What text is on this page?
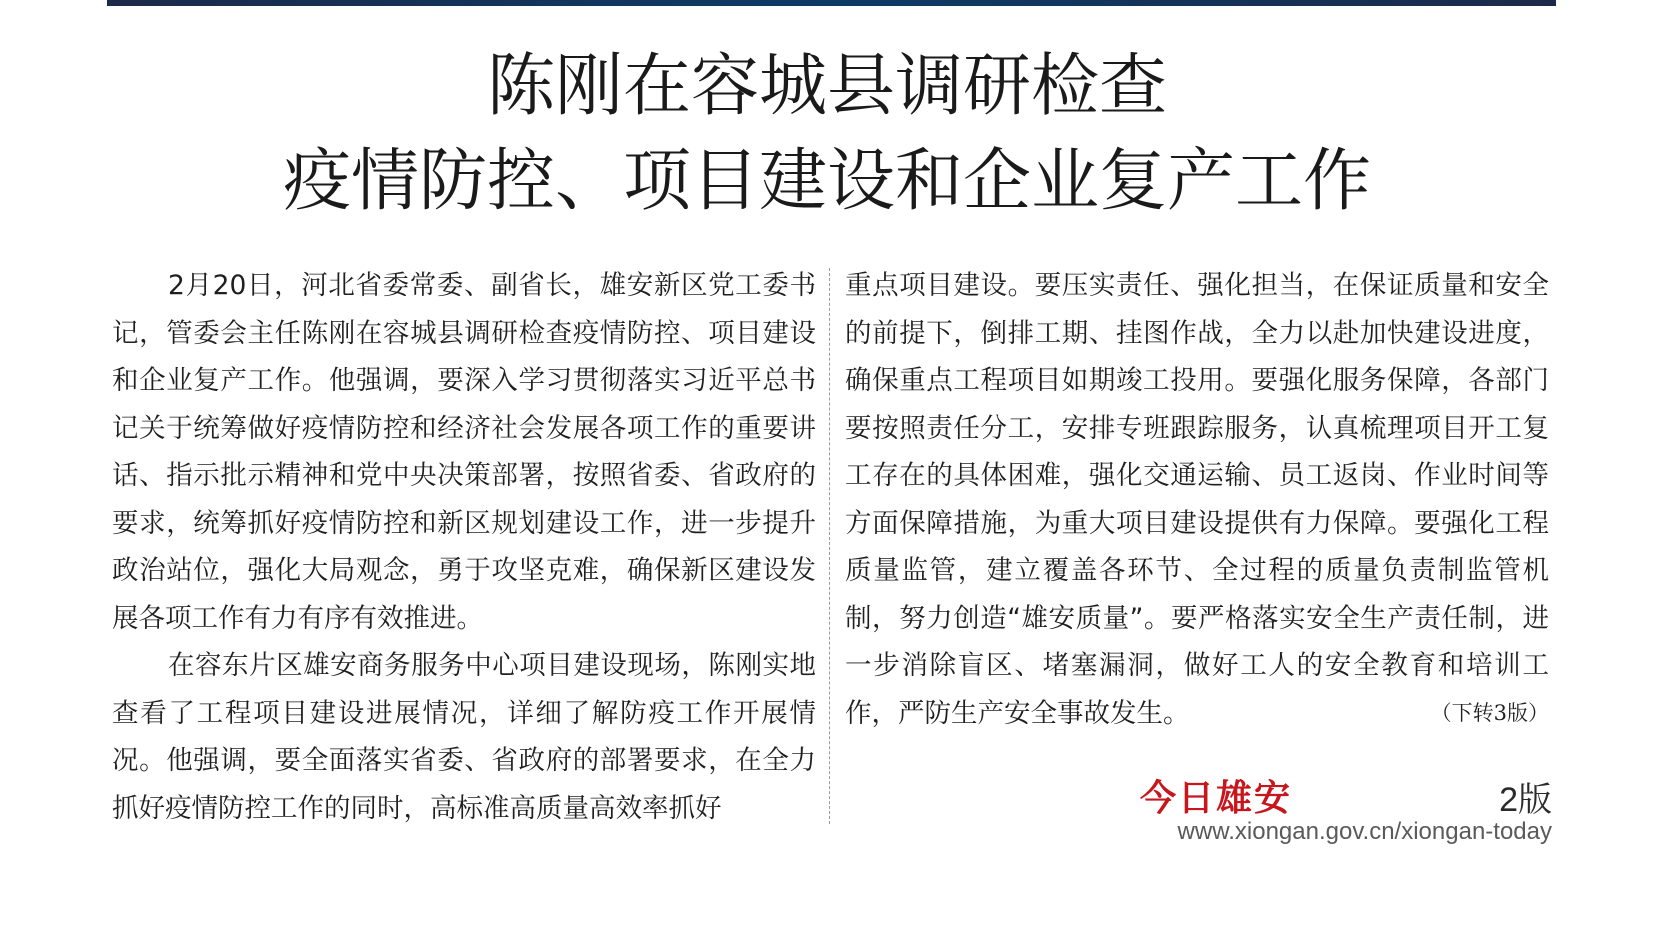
陈刚在容城县调研检查
疫情防控、项目建设和企业复产工作

2月20日，河北省委常委、副省长，雄安新区党工委书记，管委会主任陈刚在容城县调研检查疫情防控、项目建设和企业复产工作。他强调，要深入学习贯彻落实习近平总书记关于统筹做好疫情防控和经济社会发展各项工作的重要讲话、指示批示精神和党中央决策部署，按照省委、省政府的要求，统筹抓好疫情防控和新区规划建设工作，进一步提升政治站位，强化大局观念，勇于攻坚克难，确保新区建设发展各项工作有力有序有效推进。

在容东片区雄安商务服务中心项目建设现场，陈刚实地查看了工程项目建设进展情况，详细了解防疫工作开展情况。他强调，要全面落实省委、省政府的部署要求，在全力抓好疫情防控工作的同时，高标准高质量高效率抓好

重点项目建设。要压实责任、强化担当，在保证质量和安全的前提下，倒排工期、挂图作战，全力以赴加快建设进度，确保重点工程项目如期竣工投用。要强化服务保障，各部门要按照责任分工，安排专班跟踪服务，认真梳理项目开工复工存在的具体困难，强化交通运输、员工返岗、作业时间等方面保障措施，为重大项目建设提供有力保障。要强化工程质量监管，建立覆盖各环节、全过程的质量负责制监管机制，努力创造“雄安质量”。要严格落实安全生产责任制，进一步消除盲区、堵塞漏洞，做好工人的安全教育和培训工作，严防生产安全事故发生。	（下转3版）

今日雄安	2版
www.xiongan.gov.cn/xiongan-today
